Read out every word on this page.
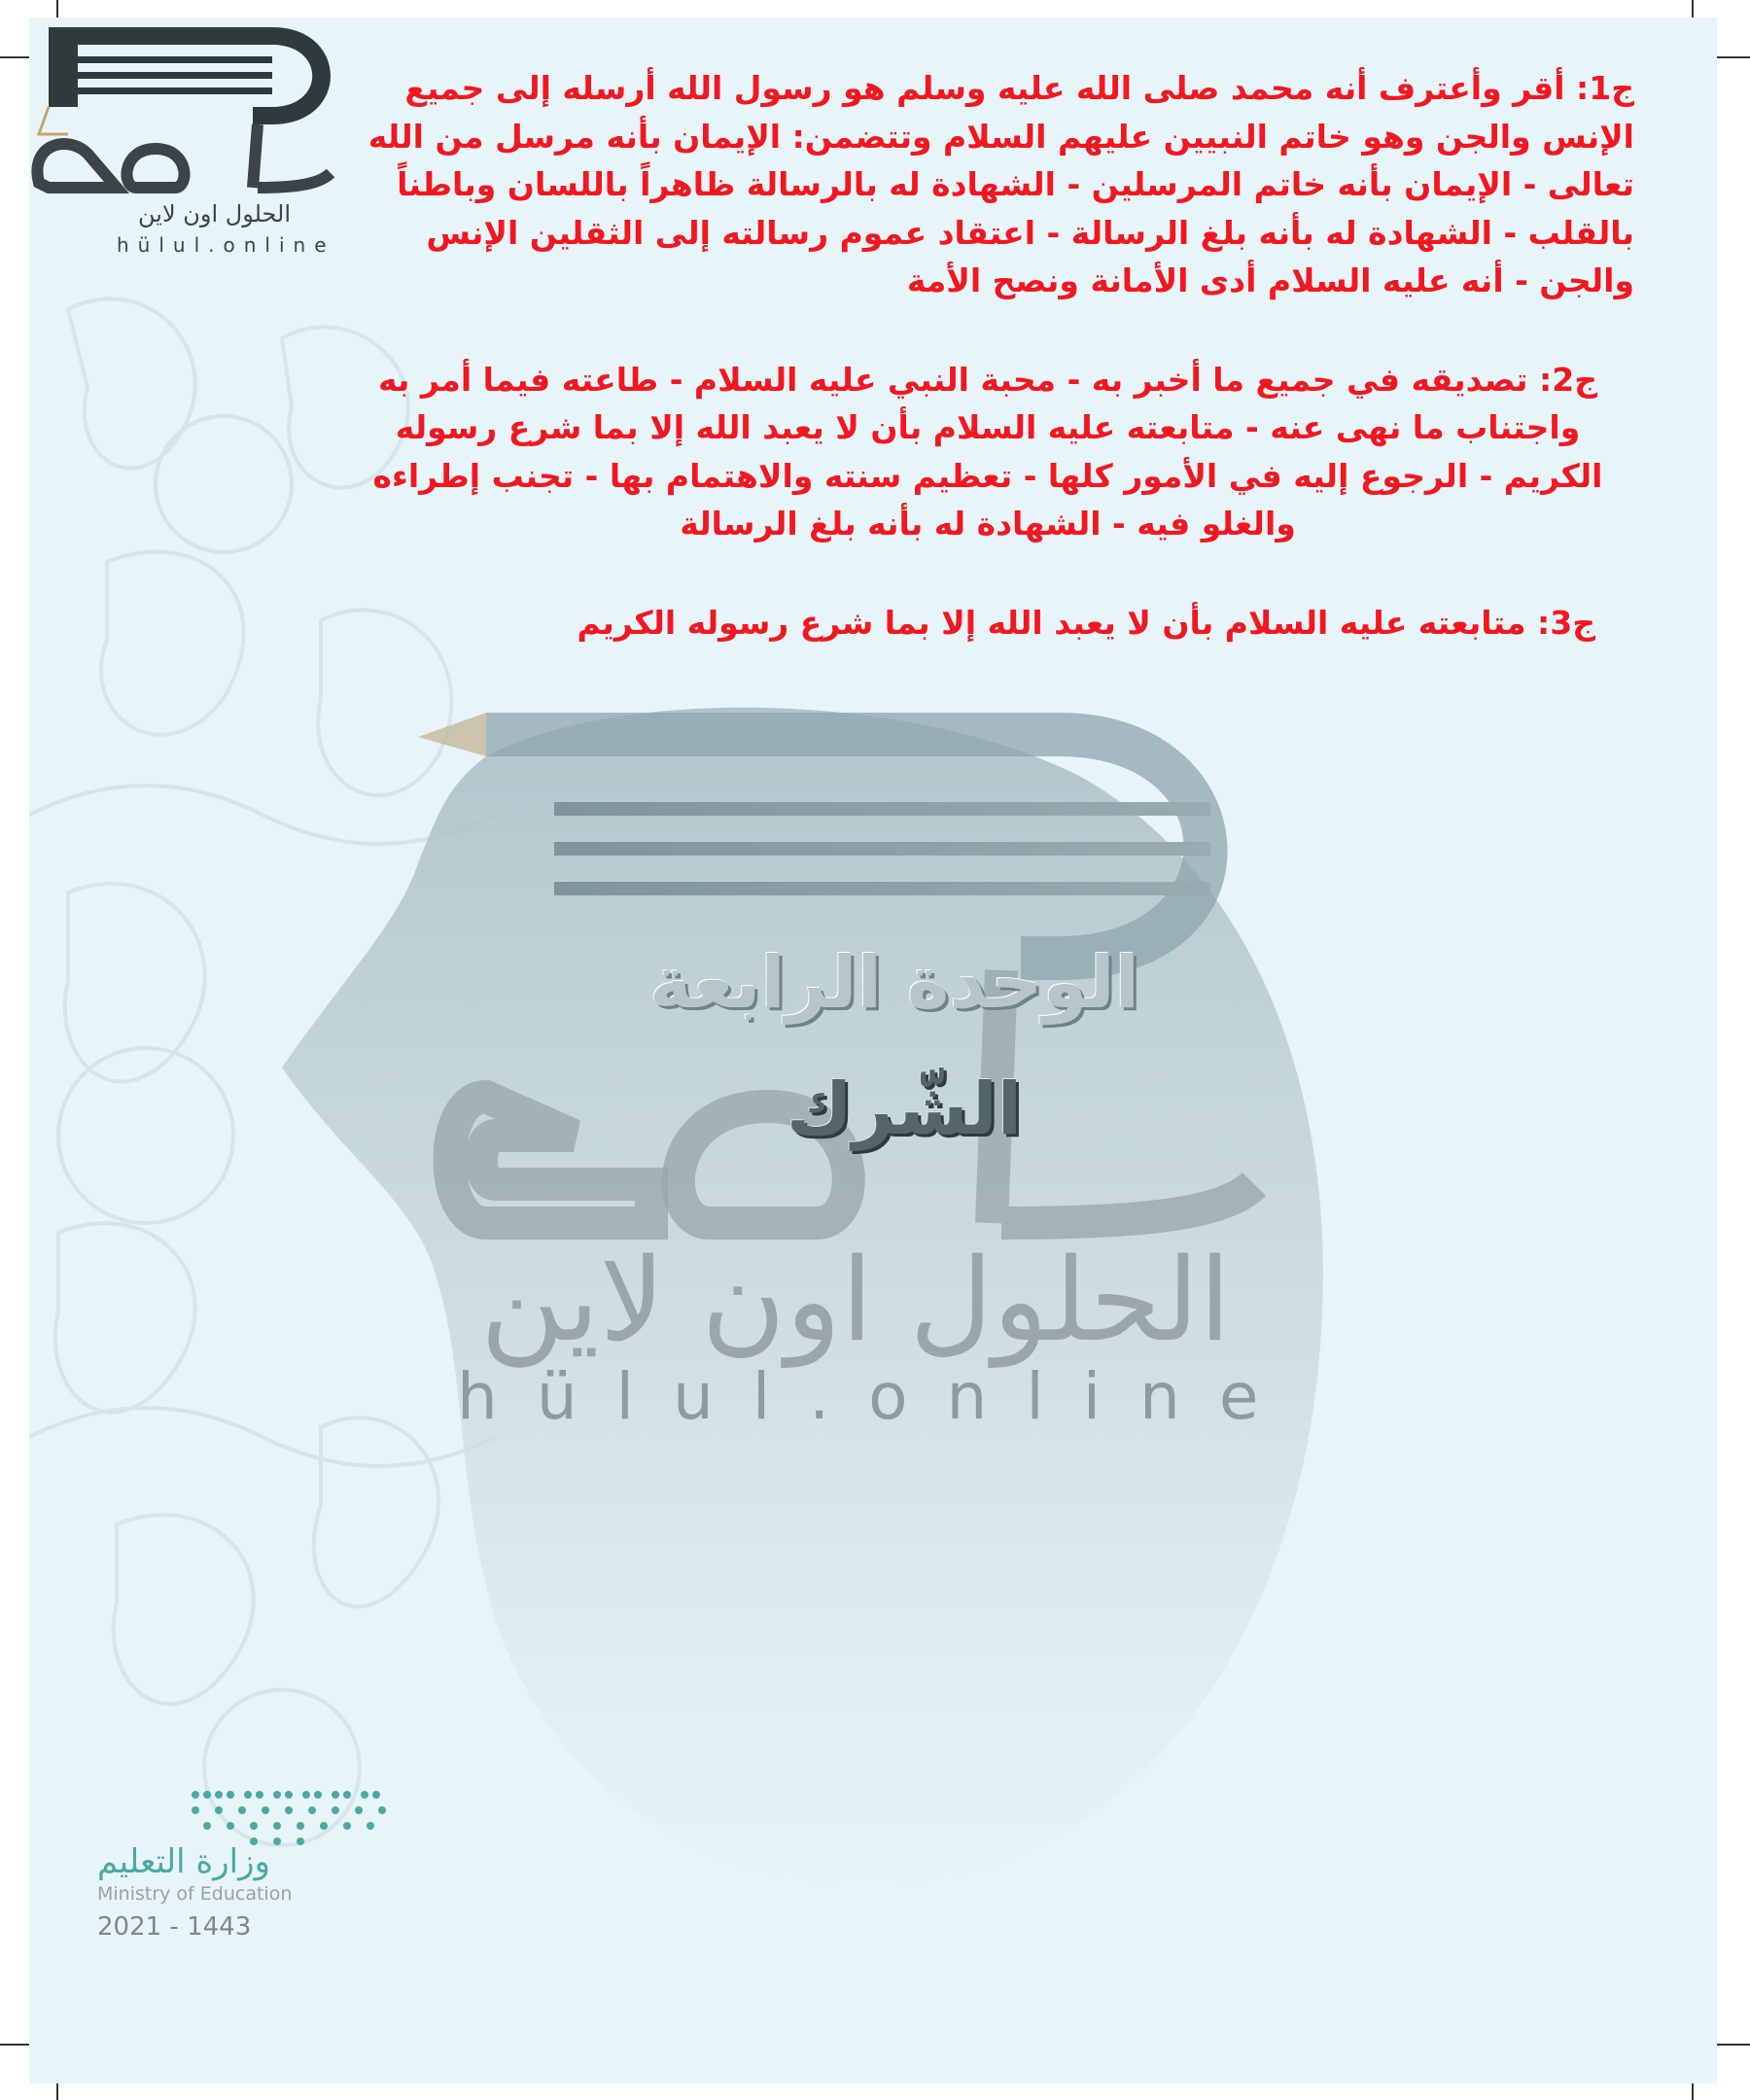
الحلول اون لاين
hülul.online

ج1: أقر وأعترف أنه محمد صلى الله عليه وسلم هو رسول الله أرسله إلى جميع الإنس والجن وهو خاتم النبيين عليهم السلام وتتضمن: الإيمان بأنه مرسل من الله تعالى - الإيمان بأنه خاتم المرسلين - الشهادة له بالرسالة ظاهراً باللسان وباطناً بالقلب - الشهادة له بأنه بلغ الرسالة - اعتقاد عموم رسالته إلى الثقلين الإنس والجن - أنه عليه السلام أدى الأمانة ونصح الأمة

ج2: تصديقه في جميع ما أخبر به - محبة النبي عليه السلام - طاعته فيما أمر به واجتناب ما نهى عنه - متابعته عليه السلام بأن لا يعبد الله إلا بما شرع رسوله الكريم - الرجوع إليه في الأمور كلها - تعظيم سنته والاهتمام بها - تجنب إطراءه والغلو فيه - الشهادة له بأنه بلغ الرسالة

ج3: متابعته عليه السلام بأن لا يعبد الله إلا بما شرع رسوله الكريم

الوحدة الرابعة
الشّرك
الحلول اون لاين
hülul.online
وزارة التعليم
Ministry of Education
2021 - 1443
